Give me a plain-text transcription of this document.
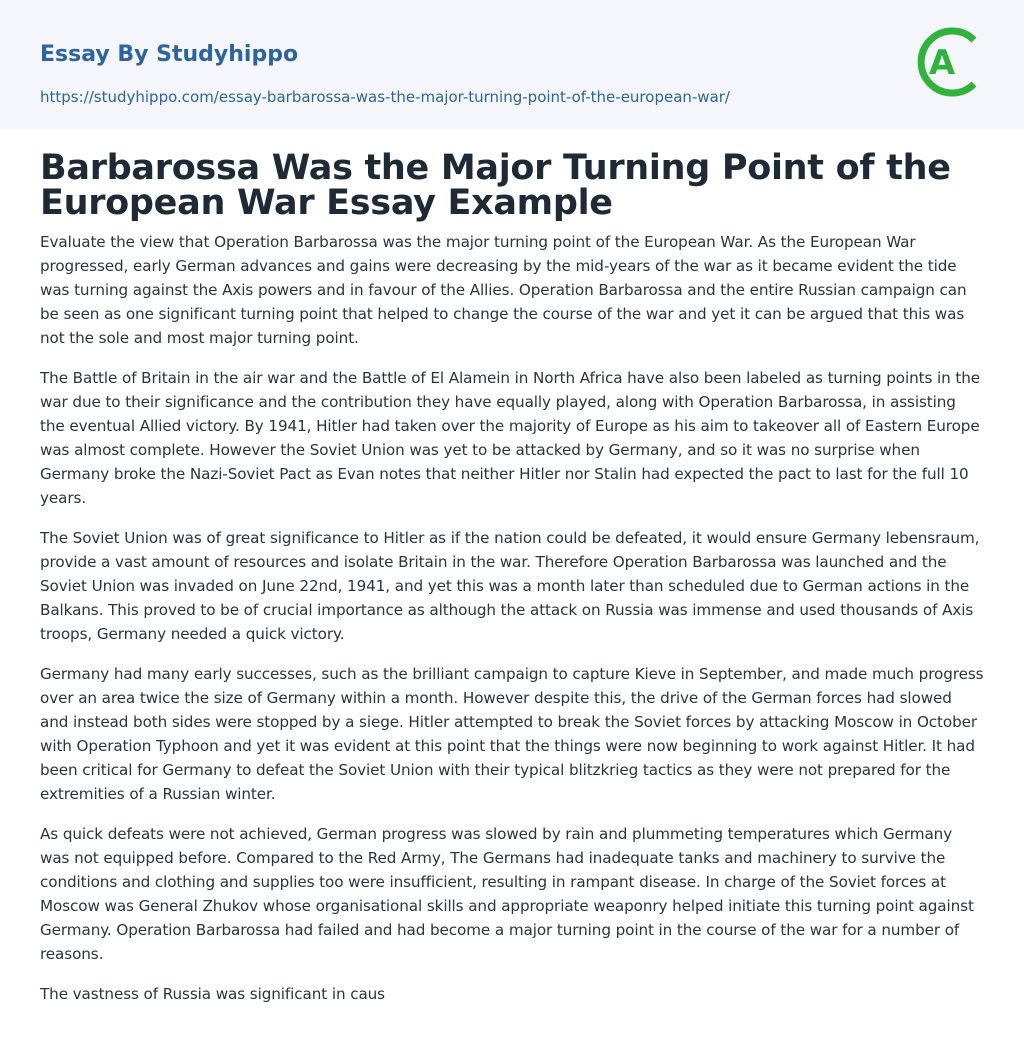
Essay By Studyhippo
https://studyhippo.com/essay-barbarossa-was-the-major-turning-point-of-the-european-war/
A
Barbarossa Was the Major Turning Point of the European War Essay Example

Evaluate the view that Operation Barbarossa was the major turning point of the European War. As the European War progressed, early German advances and gains were decreasing by the mid-years of the war as it became evident the tide was turning against the Axis powers and in favour of the Allies. Operation Barbarossa and the entire Russian campaign can be seen as one significant turning point that helped to change the course of the war and yet it can be argued that this was not the sole and most major turning point.

The Battle of Britain in the air war and the Battle of El Alamein in North Africa have also been labeled as turning points in the war due to their significance and the contribution they have equally played, along with Operation Barbarossa, in assisting the eventual Allied victory. By 1941, Hitler had taken over the majority of Europe as his aim to takeover all of Eastern Europe was almost complete. However the Soviet Union was yet to be attacked by Germany, and so it was no surprise when Germany broke the Nazi-Soviet Pact as Evan notes that neither Hitler nor Stalin had expected the pact to last for the full 10 years.

The Soviet Union was of great significance to Hitler as if the nation could be defeated, it would ensure Germany lebensraum, provide a vast amount of resources and isolate Britain in the war. Therefore Operation Barbarossa was launched and the Soviet Union was invaded on June 22nd, 1941, and yet this was a month later than scheduled due to German actions in the Balkans. This proved to be of crucial importance as although the attack on Russia was immense and used thousands of Axis troops, Germany needed a quick victory.

Germany had many early successes, such as the brilliant campaign to capture Kieve in September, and made much progress over an area twice the size of Germany within a month. However despite this, the drive of the German forces had slowed and instead both sides were stopped by a siege. Hitler attempted to break the Soviet forces by attacking Moscow in October with Operation Typhoon and yet it was evident at this point that the things were now beginning to work against Hitler. It had been critical for Germany to defeat the Soviet Union with their typical blitzkrieg tactics as they were not prepared for the extremities of a Russian winter.

As quick defeats were not achieved, German progress was slowed by rain and plummeting temperatures which Germany was not equipped before. Compared to the Red Army, The Germans had inadequate tanks and machinery to survive the conditions and clothing and supplies too were insufficient, resulting in rampant disease. In charge of the Soviet forces at Moscow was General Zhukov whose organisational skills and appropriate weaponry helped initiate this turning point against Germany. Operation Barbarossa had failed and had become a major turning point in the course of the war for a number of reasons.

The vastness of Russia was significant in caus
